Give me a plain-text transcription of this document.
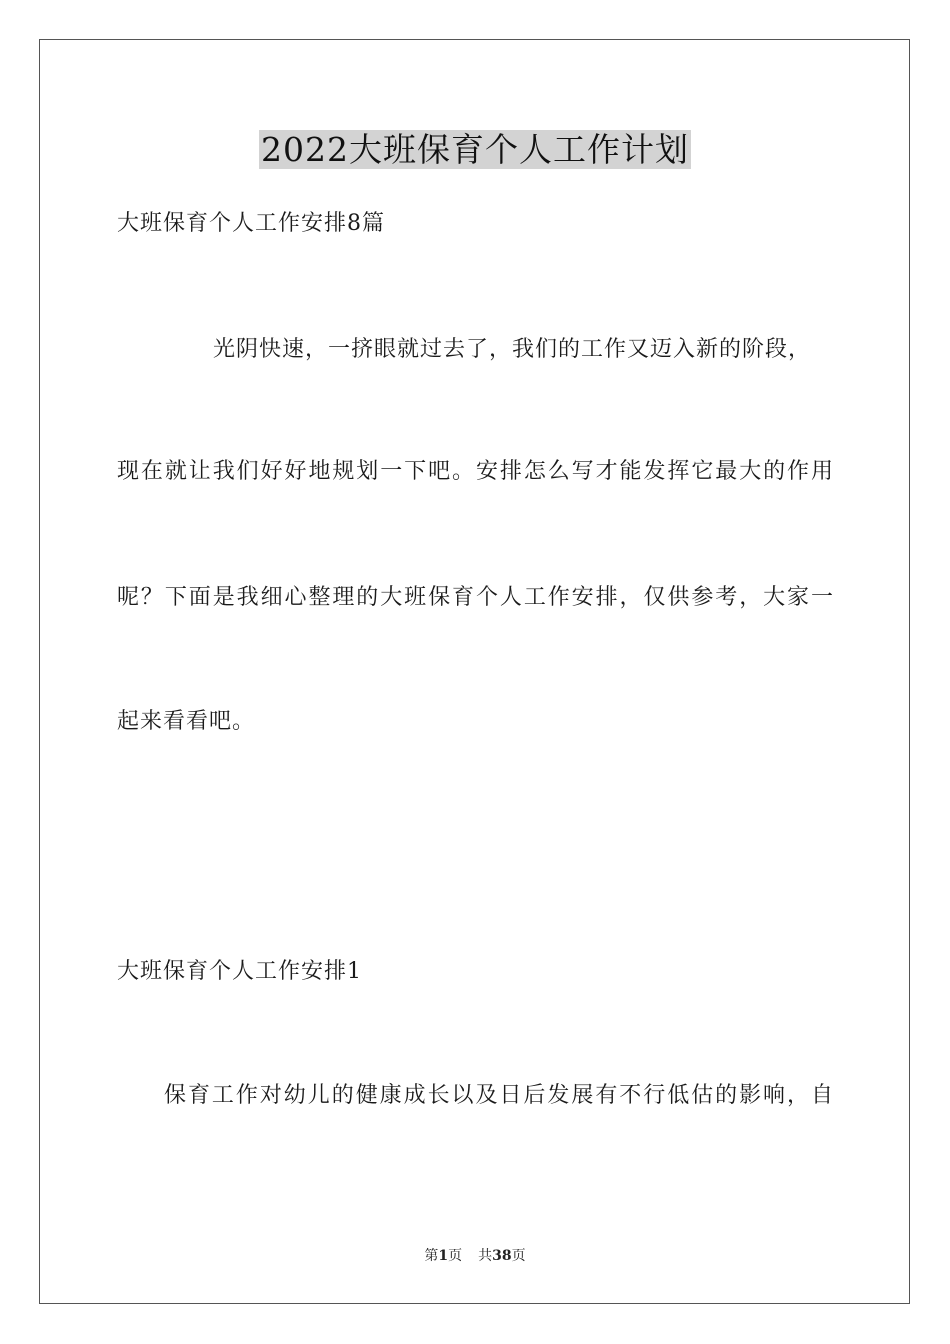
2022大班保育个人工作计划
大班保育个人工作安排8篇
光阴快速，一挤眼就过去了，我们的工作又迈入新的阶段，
现在就让我们好好地规划一下吧。安排怎么写才能发挥它最大的作用
呢？下面是我细心整理的大班保育个人工作安排，仅供参考，大家一
起来看看吧。
大班保育个人工作安排1
保育工作对幼儿的健康成长以及日后发展有不行低估的影响，自
第1页 共38页
